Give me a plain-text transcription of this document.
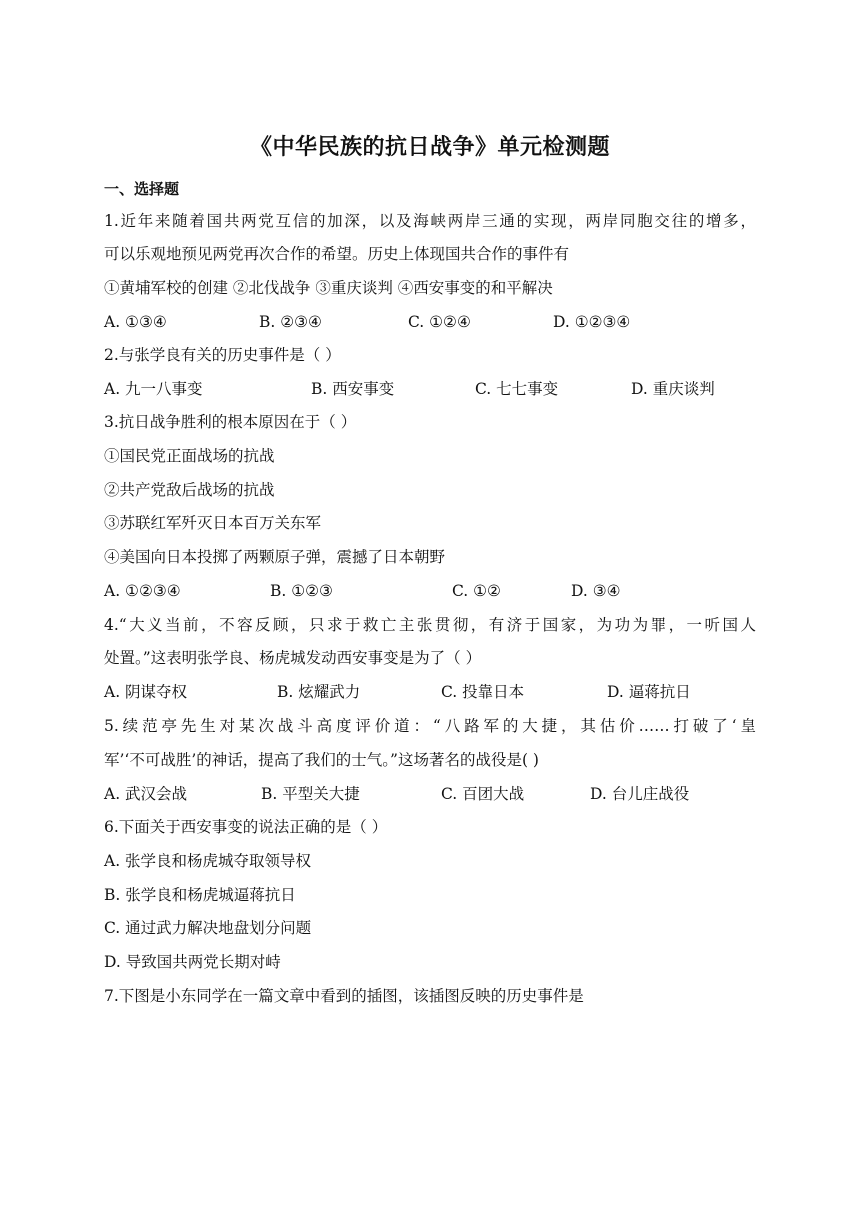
《中华民族的抗日战争》单元检测题
一、选择题
1.近年来随着国共两党互信的加深，以及海峡两岸三通的实现，两岸同胞交往的增多，
可以乐观地预见两党再次合作的希望。历史上体现国共合作的事件有
①黄埔军校的创建 ②北伐战争 ③重庆谈判 ④西安事变的和平解决
A. ①③④	B. ②③④	C. ①②④	D. ①②③④
2.与张学良有关的历史事件是（ ）
A. 九一八事变	B. 西安事变	C. 七七事变	D. 重庆谈判
3.抗日战争胜利的根本原因在于（ ）
①国民党正面战场的抗战
②共产党敌后战场的抗战
③苏联红军歼灭日本百万关东军
④美国向日本投掷了两颗原子弹，震撼了日本朝野
A. ①②③④	B. ①②③	C. ①②	D. ③④
4.“大义当前，不容反顾，只求于救亡主张贯彻，有济于国家，为功为罪，一听国人
处置。”这表明张学良、杨虎城发动西安事变是为了（ ）
A. 阴谋夺权	B. 炫耀武力	C. 投靠日本	D. 逼蒋抗日
5.续范亭先生对某次战斗高度评价道：“八路军的大捷，其估价……打破了‘皇
军’‘不可战胜’的神话，提高了我们的士气。”这场著名的战役是( )
A. 武汉会战	B. 平型关大捷	C. 百团大战	D. 台儿庄战役
6.下面关于西安事变的说法正确的是（ ）
A. 张学良和杨虎城夺取领导权
B. 张学良和杨虎城逼蒋抗日
C. 通过武力解决地盘划分问题
D. 导致国共两党长期对峙
7.下图是小东同学在一篇文章中看到的插图，该插图反映的历史事件是
